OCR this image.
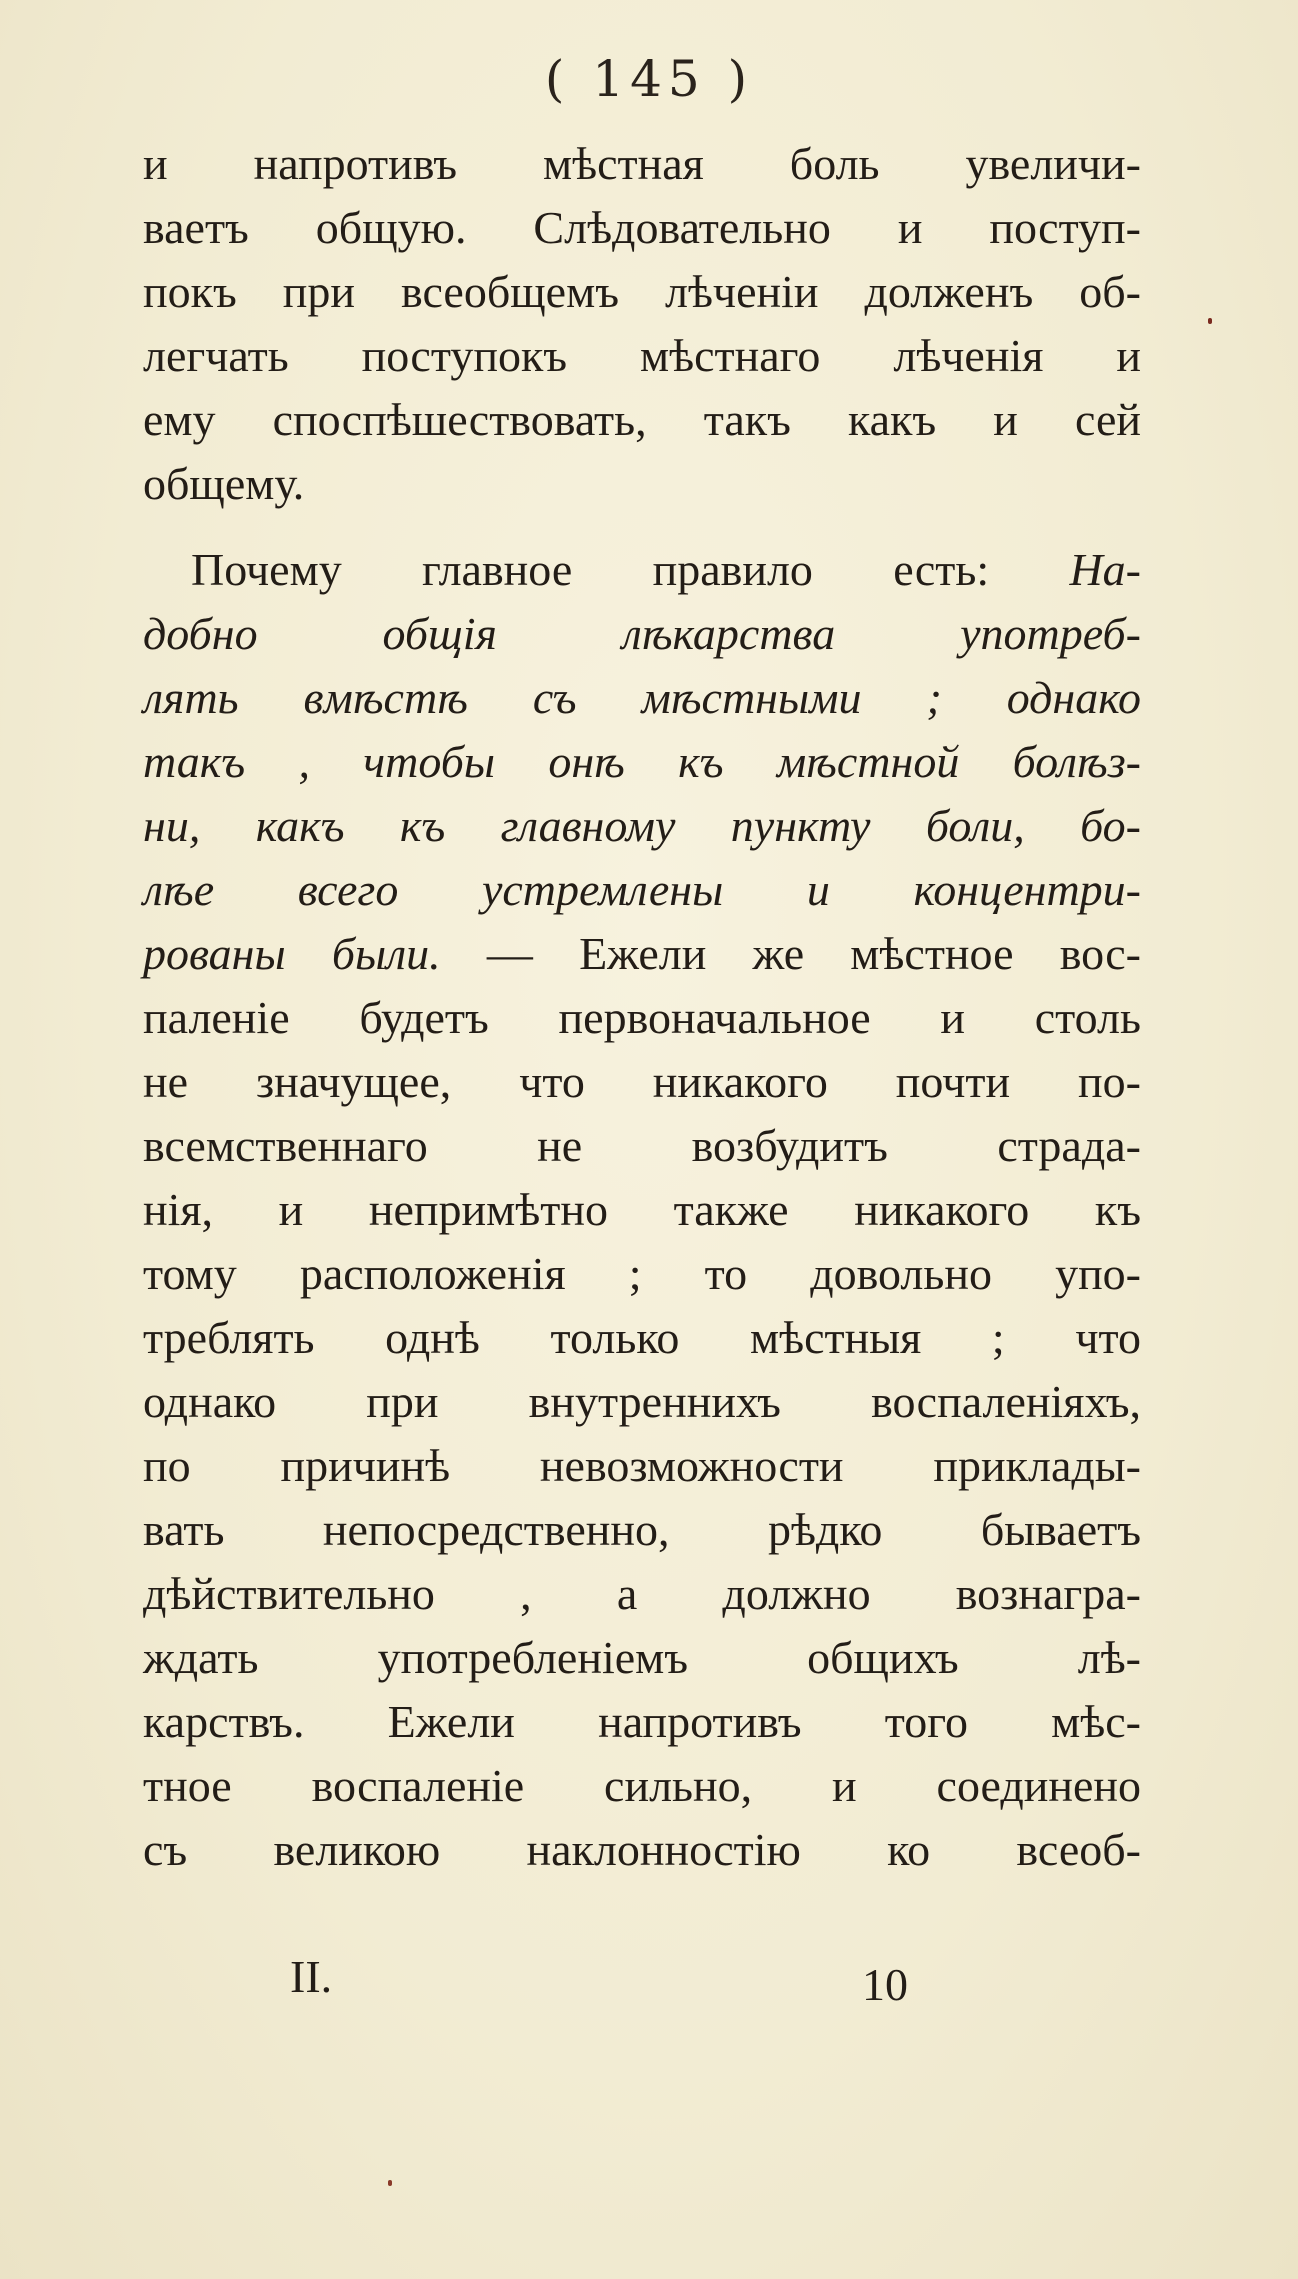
( 145 )
и напротивъ мѣстная боль увеличи-
ваетъ общую. Слѣдовательно и поступ-
покъ при всеобщемъ лѣченіи долженъ об-
легчать поступокъ мѣстнаго лѣченія и
ему споспѣшествовать, такъ какъ и сей
общему.
Почему главное правило есть: На-
добно общія лѣкарства употреб-
лять вмѣстѣ съ мѣстными ; однако
такъ , чтобы онѣ къ мѣстной болѣз-
ни, какъ къ главному пункту боли, бо-
лѣе всего устремлены и концентри-
рованы были. — Ежели же мѣстное вос-
паленіе будетъ первоначальное и столь
не значущее, что никакого почти по-
всемственнаго не возбудитъ страда-
нія, и непримѣтно также никакого къ
тому расположенія ; то довольно упо-
треблять однѣ только мѣстныя ; что
однако при внутреннихъ воспаленіяхъ,
по причинѣ невозможности приклады-
вать непосредственно, рѣдко бываетъ
дѣйствительно , а должно вознагра-
ждать употребленіемъ общихъ лѣ-
карствъ. Ежели напротивъ того мѣс-
тное воспаленіе сильно, и соединено
съ великою наклонностію ко всеоб-
II.	10
